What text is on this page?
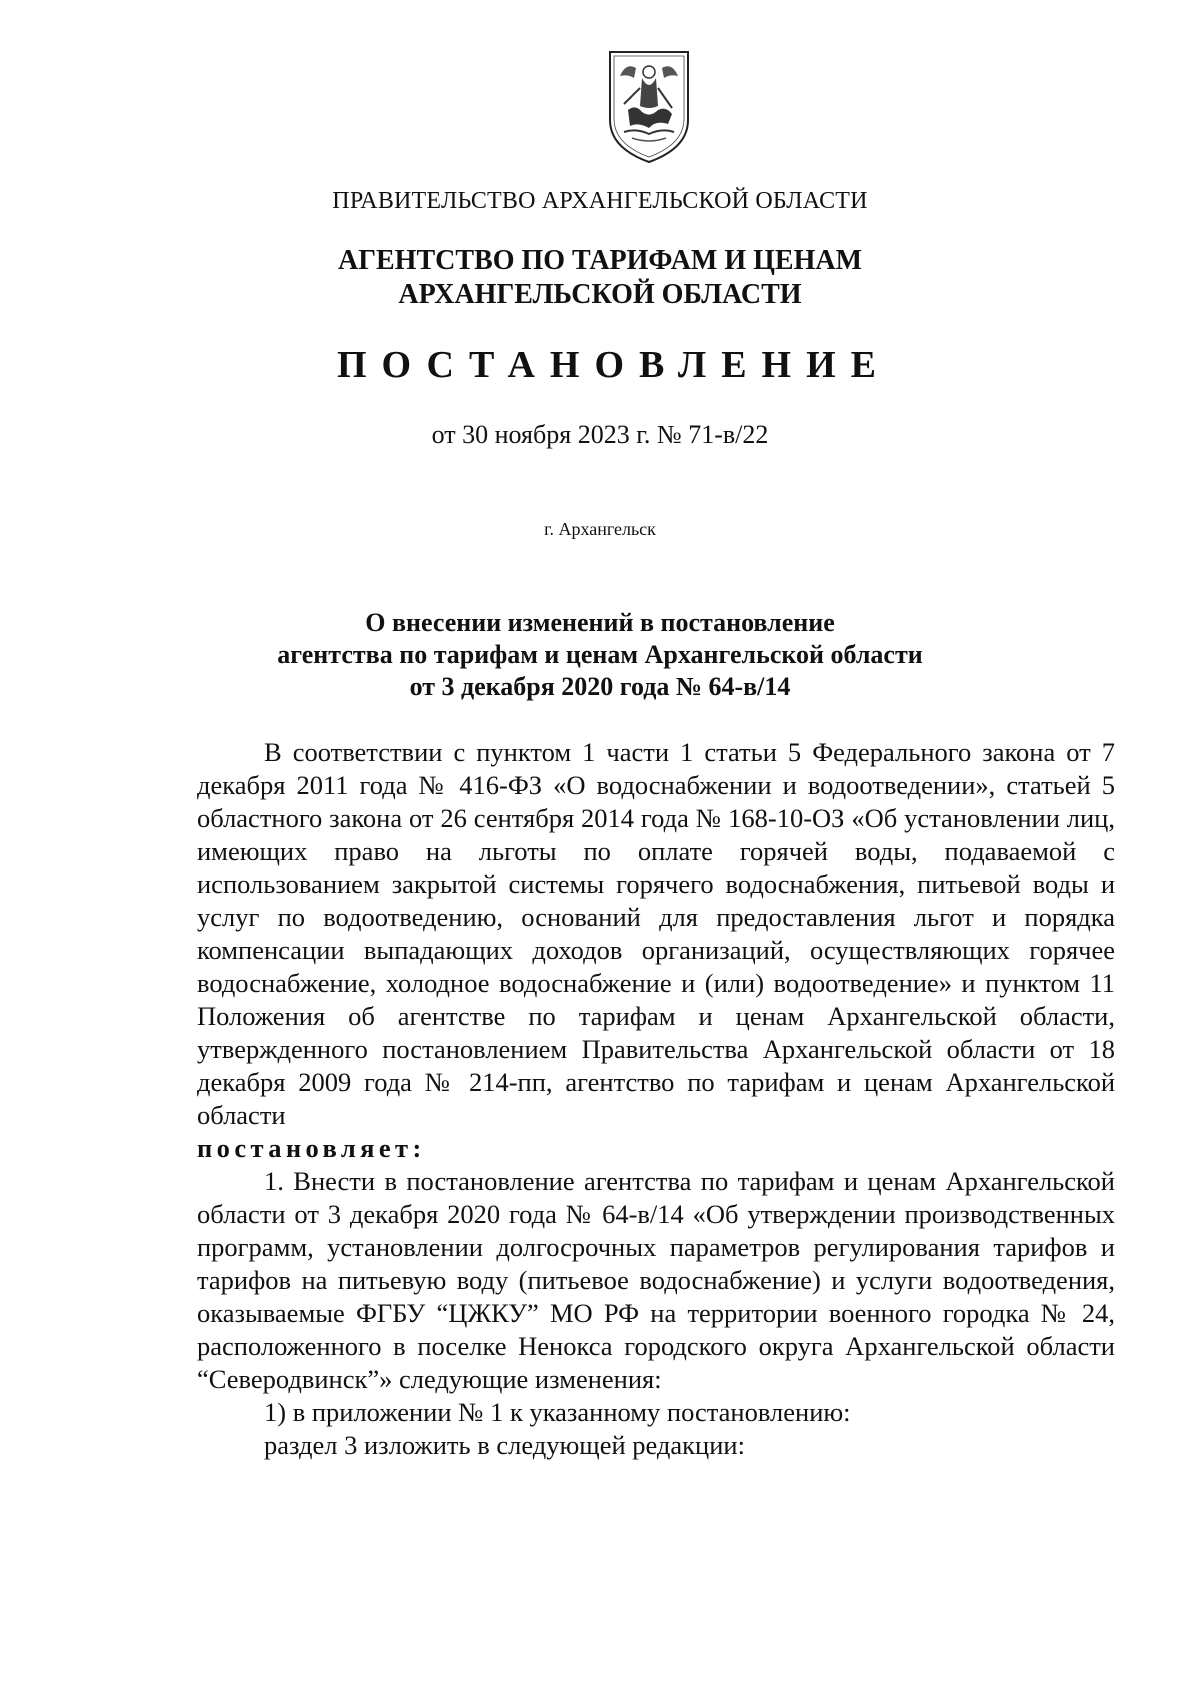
ПРАВИТЕЛЬСТВО АРХАНГЕЛЬСКОЙ ОБЛАСТИ
АГЕНТСТВО ПО ТАРИФАМ И ЦЕНАМ
АРХАНГЕЛЬСКОЙ ОБЛАСТИ
ПОСТАНОВЛЕНИЕ
от 30 ноября 2023 г. № 71-в/22
г. Архангельск
О внесении изменений в постановление
агентства по тарифам и ценам Архангельской области
от 3 декабря 2020 года № 64-в/14

В соответствии с пунктом 1 части 1 статьи 5 Федерального закона от 7 декабря 2011 года № 416-ФЗ «О водоснабжении и водоотведении», статьей 5 областного закона от 26 сентября 2014 года № 168-10-ОЗ «Об установлении лиц, имеющих право на льготы по оплате горячей воды, подаваемой с использованием закрытой системы горячего водоснабжения, питьевой воды и услуг по водоотведению, оснований для предоставления льгот и порядка компенсации выпадающих доходов организаций, осуществляющих горячее водоснабжение, холодное водоснабжение и (или) водоотведение» и пунктом 11 Положения об агентстве по тарифам и ценам Архангельской области, утвержденного постановлением Правительства Архангельской области от 18 декабря 2009 года № 214-пп, агентство по тарифам и ценам Архангельской области

постановляет:

1. Внести в постановление агентства по тарифам и ценам Архангельской области от 3 декабря 2020 года № 64-в/14 «Об утверждении производственных программ, установлении долгосрочных параметров регулирования тарифов и тарифов на питьевую воду (питьевое водоснабжение) и услуги водоотведения, оказываемые ФГБУ “ЦЖКУ” МО РФ на территории военного городка № 24, расположенного в поселке Ненокса городского округа Архангельской области “Северодвинск”» следующие изменения:

1) в приложении № 1 к указанному постановлению:

раздел 3 изложить в следующей редакции:
